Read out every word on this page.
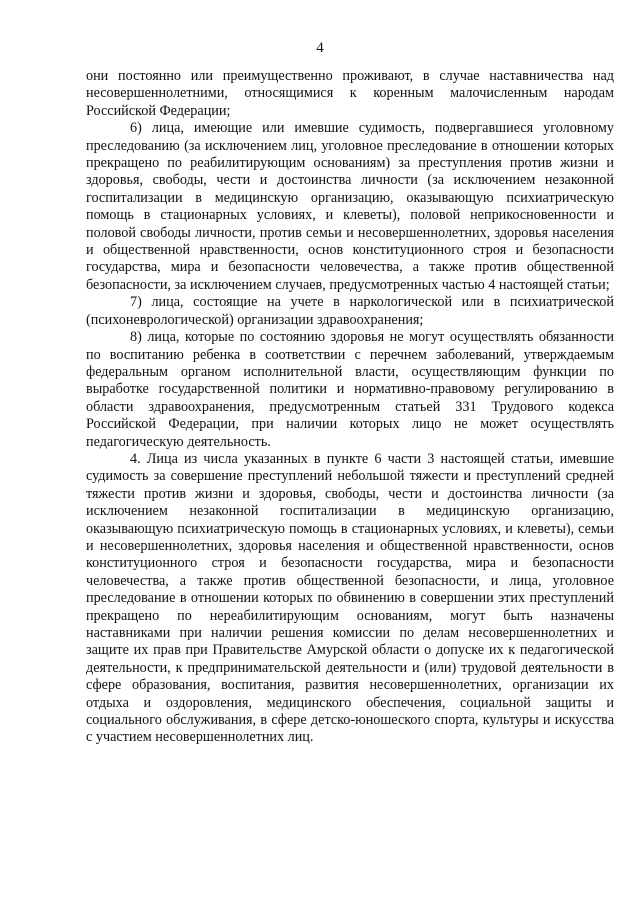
4

они постоянно или преимущественно проживают, в случае наставничества над несовершеннолетними, относящимися к коренным малочисленным народам Российской Федерации;

6) лица, имеющие или имевшие судимость, подвергавшиеся уголовному преследованию (за исключением лиц, уголовное преследование в отношении которых прекращено по реабилитирующим основаниям) за преступления против жизни и здоровья, свободы, чести и достоинства личности (за исключением незаконной госпитализации в медицинскую организацию, оказывающую психиатрическую помощь в стационарных условиях, и клеветы), половой неприкосновенности и половой свободы личности, против семьи и несовершеннолетних, здоровья населения и общественной нравственности, основ конституционного строя и безопасности государства, мира и безопасности человечества, а также против общественной безопасности, за исключением случаев, предусмотренных частью 4 настоящей статьи;

7) лица, состоящие на учете в наркологической или в психиатрической (психоневрологической) организации здравоохранения;

8) лица, которые по состоянию здоровья не могут осуществлять обязанности по воспитанию ребенка в соответствии с перечнем заболеваний, утверждаемым федеральным органом исполнительной власти, осуществляющим функции по выработке государственной политики и нормативно-правовому регулированию в области здравоохранения, предусмотренным статьей 331 Трудового кодекса Российской Федерации, при наличии которых лицо не может осуществлять педагогическую деятельность.

4. Лица из числа указанных в пункте 6 части 3 настоящей статьи, имевшие судимость за совершение преступлений небольшой тяжести и преступлений средней тяжести против жизни и здоровья, свободы, чести и достоинства личности (за исключением незаконной госпитализации в медицинскую организацию, оказывающую психиатрическую помощь в стационарных условиях, и клеветы), семьи и несовершеннолетних, здоровья населения и общественной нравственности, основ конституционного строя и безопасности государства, мира и безопасности человечества, а также против общественной безопасности, и лица, уголовное преследование в отношении которых по обвинению в совершении этих преступлений прекращено по нереабилитирующим основаниям, могут быть назначены наставниками при наличии решения комиссии по делам несовершеннолетних и защите их прав при Правительстве Амурской области о допуске их к педагогической деятельности, к предпринимательской деятельности и (или) трудовой деятельности в сфере образования, воспитания, развития несовершеннолетних, организации их отдыха и оздоровления, медицинского обеспечения, социальной защиты и социального обслуживания, в сфере детско-юношеского спорта, культуры и искусства с участием несовершеннолетних лиц.
